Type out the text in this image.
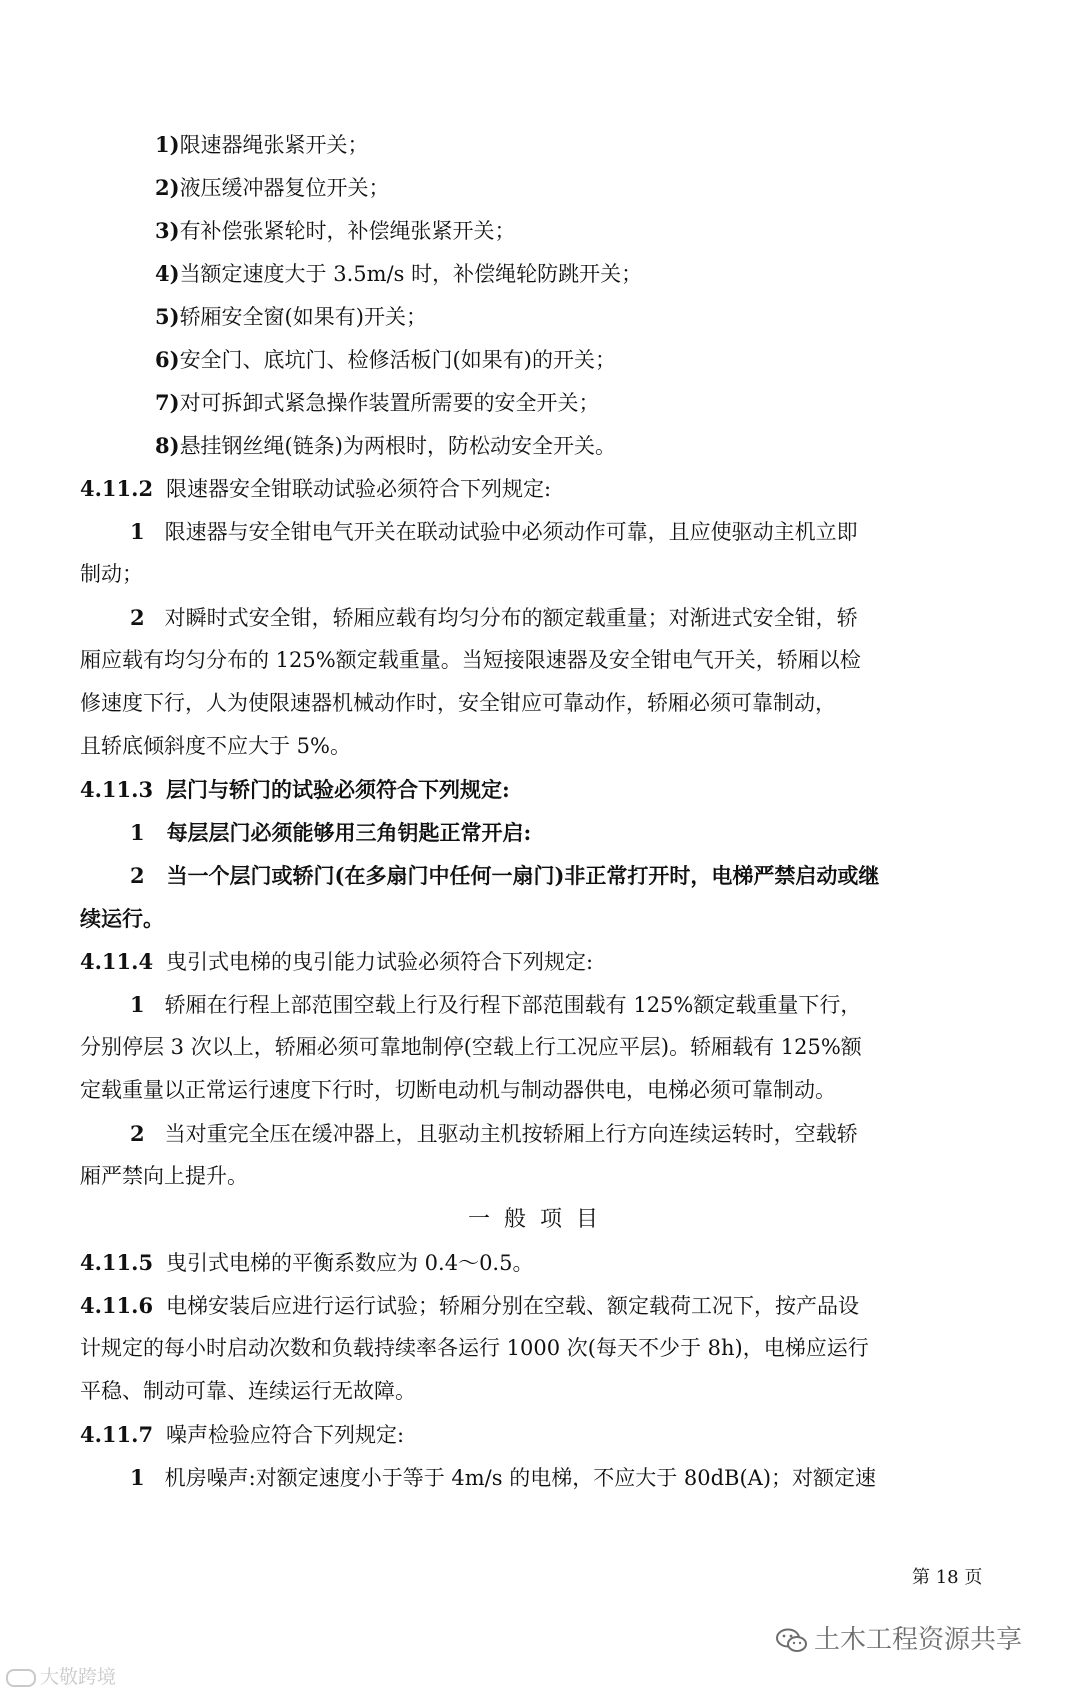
1)限速器绳张紧开关；
2)液压缓冲器复位开关；
3)有补偿张紧轮时，补偿绳张紧开关；
4)当额定速度大于 3.5m/s 时，补偿绳轮防跳开关；
5)轿厢安全窗(如果有)开关；
6)安全门、底坑门、检修活板门(如果有)的开关；
7)对可拆卸式紧急操作装置所需要的安全开关；
8)悬挂钢丝绳(链条)为两根时，防松动安全开关。
4.11.2 限速器安全钳联动试验必须符合下列规定:
1 限速器与安全钳电气开关在联动试验中必须动作可靠，且应使驱动主机立即
制动；
2 对瞬时式安全钳，轿厢应载有均匀分布的额定载重量；对渐进式安全钳，轿
厢应载有均匀分布的 125%额定载重量。当短接限速器及安全钳电气开关，轿厢以检
修速度下行，人为使限速器机械动作时，安全钳应可靠动作，轿厢必须可靠制动，
且轿底倾斜度不应大于 5%。
4.11.3 层门与轿门的试验必须符合下列规定:
1 每层层门必须能够用三角钥匙正常开启:
2 当一个层门或轿门(在多扇门中任何一扇门)非正常打开时，电梯严禁启动或继
续运行。
4.11.4 曳引式电梯的曳引能力试验必须符合下列规定:
1 轿厢在行程上部范围空载上行及行程下部范围载有 125%额定载重量下行，
分别停层 3 次以上，轿厢必须可靠地制停(空载上行工况应平层)。轿厢载有 125%额
定载重量以正常运行速度下行时，切断电动机与制动器供电，电梯必须可靠制动。
2 当对重完全压在缓冲器上，且驱动主机按轿厢上行方向连续运转时，空载轿
厢严禁向上提升。
一般项目
4.11.5 曳引式电梯的平衡系数应为 0.4～0.5。
4.11.6 电梯安装后应进行运行试验；轿厢分别在空载、额定载荷工况下，按产品设
计规定的每小时启动次数和负载持续率各运行 1000 次(每天不少于 8h)，电梯应运行
平稳、制动可靠、连续运行无故障。
4.11.7 噪声检验应符合下列规定:
1 机房噪声:对额定速度小于等于 4m/s 的电梯，不应大于 80dB(A)；对额定速
第 18 页
大敬跨境
土木工程资源共享
